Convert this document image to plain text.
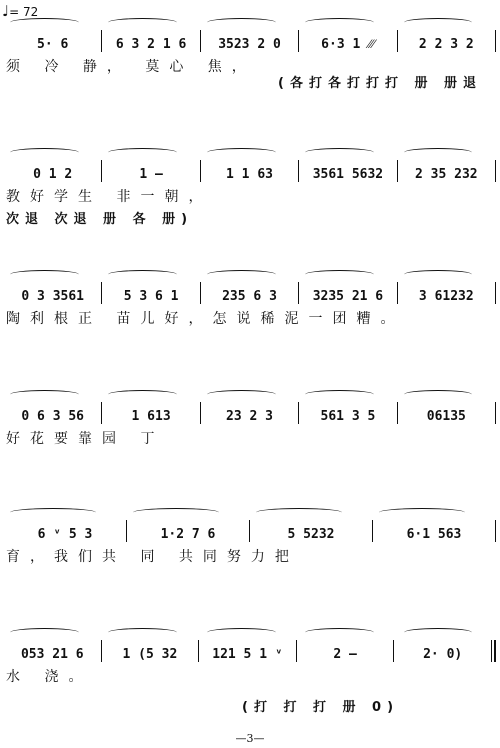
♩= 72
5· 6	6 3 2 1 6	3523 2 0	6·3 1 ⁄⁄⁄	2 2 3 2
须 冷 静， 莫心 焦，
(各打各打打打 册 册退
0 1 2	1 —	1 1 63	3561 5632	2 35 232
教好学生 非一朝，
次退 次退 册 各 册)
0 3 3561	5 3 6 1	235 6 3	3235 21 6	3 61232
陶利根正 苗儿好，怎说稀泥一团糟。
0 6 3 56	1 613	23 2 3	561 3 5	06135
好花要靠园 丁
6 ᵛ 5 3	1·2 7 6	5 5232	6·1 563
育，我们共 同 共同努力把
053 21 6	1 (5 32	121 5 1 ᵛ	2 —	2· 0)
水 浇。
(打 打 打 册 0)
—3—
